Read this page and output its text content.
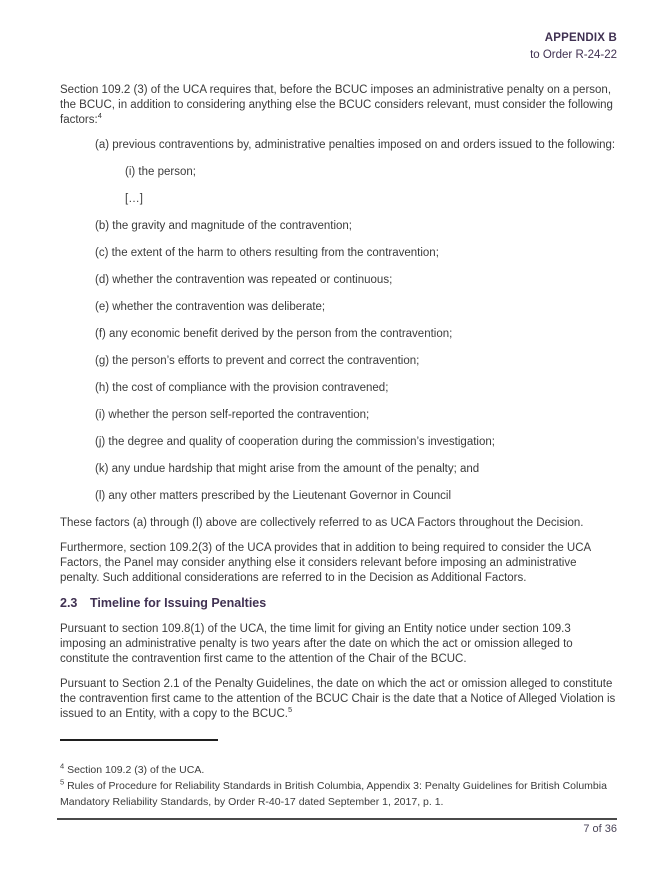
APPENDIX B
to Order R-24-22

Section 109.2 (3) of the UCA requires that, before the BCUC imposes an administrative penalty on a person, the BCUC, in addition to considering anything else the BCUC considers relevant, must consider the following factors:$^4$

(a) previous contraventions by, administrative penalties imposed on and orders issued to the following:

(i) the person;

[…]

(b) the gravity and magnitude of the contravention;

(c) the extent of the harm to others resulting from the contravention;

(d) whether the contravention was repeated or continuous;

(e) whether the contravention was deliberate;

(f) any economic benefit derived by the person from the contravention;

(g) the person’s efforts to prevent and correct the contravention;

(h) the cost of compliance with the provision contravened;

(i) whether the person self-reported the contravention;

(j) the degree and quality of cooperation during the commission’s investigation;

(k) any undue hardship that might arise from the amount of the penalty; and

(l) any other matters prescribed by the Lieutenant Governor in Council

These factors (a) through (l) above are collectively referred to as UCA Factors throughout the Decision.

Furthermore, section 109.2(3) of the UCA provides that in addition to being required to consider the UCA Factors, the Panel may consider anything else it considers relevant before imposing an administrative penalty. Such additional considerations are referred to in the Decision as Additional Factors.

2.3 Timeline for Issuing Penalties

Pursuant to section 109.8(1) of the UCA, the time limit for giving an Entity notice under section 109.3 imposing an administrative penalty is two years after the date on which the act or omission alleged to constitute the contravention first came to the attention of the Chair of the BCUC.

Pursuant to Section 2.1 of the Penalty Guidelines, the date on which the act or omission alleged to constitute the contravention first came to the attention of the BCUC Chair is the date that a Notice of Alleged Violation is issued to an Entity, with a copy to the BCUC.$^5$

$^4$ Section 109.2 (3) of the UCA.

$^5$ Rules of Procedure for Reliability Standards in British Columbia, Appendix 3: Penalty Guidelines for British Columbia Mandatory Reliability Standards, by Order R-40-17 dated September 1, 2017, p. 1.

7 of 36
